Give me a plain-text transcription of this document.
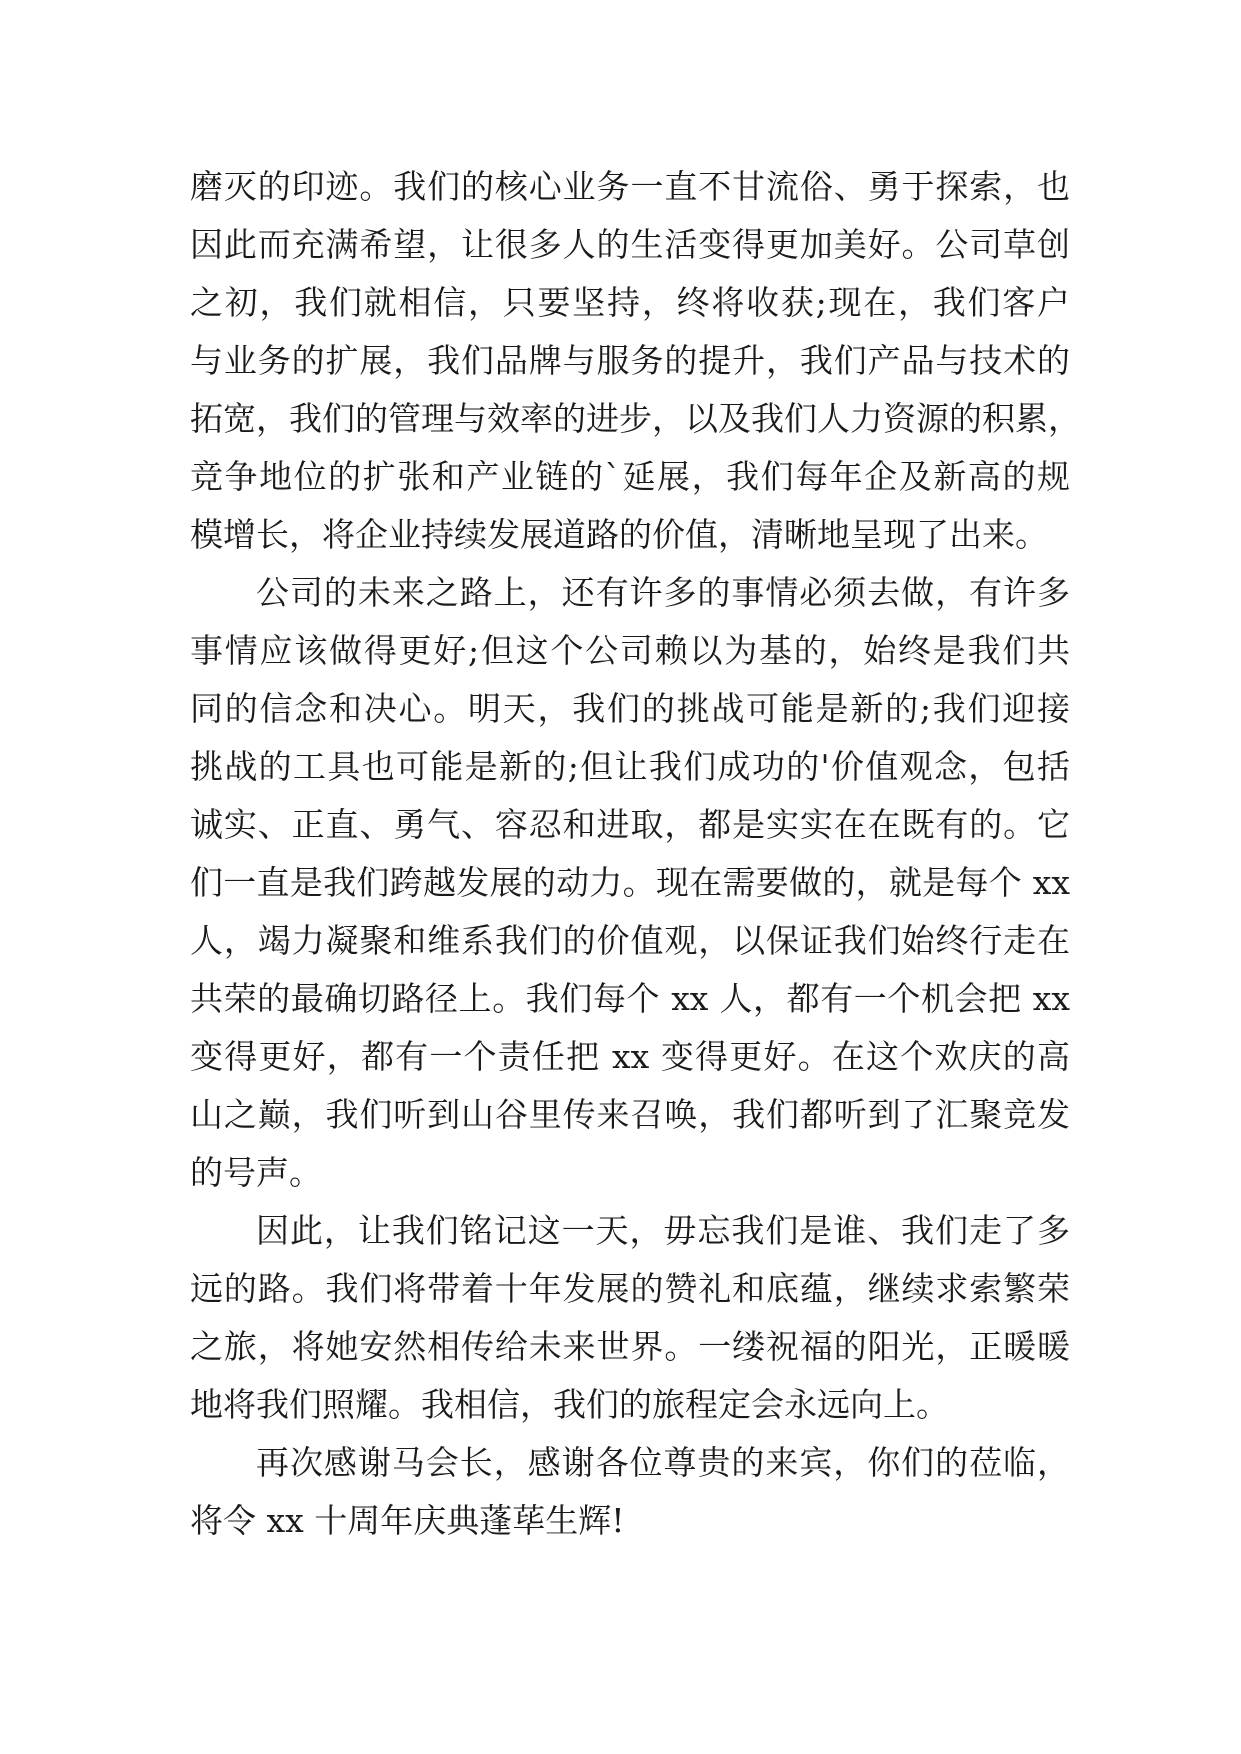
磨灭的印迹。我们的核心业务一直不甘流俗、勇于探索，也
因此而充满希望，让很多人的生活变得更加美好。公司草创
之初，我们就相信，只要坚持，终将收获;现在，我们客户
与业务的扩展，我们品牌与服务的提升，我们产品与技术的
拓宽，我们的管理与效率的进步，以及我们人力资源的积累，
竞争地位的扩张和产业链的`延展，我们每年企及新高的规
模增长，将企业持续发展道路的价值，清晰地呈现了出来。
公司的未来之路上，还有许多的事情必须去做，有许多
事情应该做得更好;但这个公司赖以为基的，始终是我们共
同的信念和决心。明天，我们的挑战可能是新的;我们迎接
挑战的工具也可能是新的;但让我们成功的'价值观念，包括
诚实、正直、勇气、容忍和进取，都是实实在在既有的。它
们一直是我们跨越发展的动力。现在需要做的，就是每个 xx
人，竭力凝聚和维系我们的价值观，以保证我们始终行走在
共荣的最确切路径上。我们每个 xx 人，都有一个机会把 xx
变得更好，都有一个责任把 xx 变得更好。在这个欢庆的高
山之巅，我们听到山谷里传来召唤，我们都听到了汇聚竞发
的号声。
因此，让我们铭记这一天，毋忘我们是谁、我们走了多
远的路。我们将带着十年发展的赞礼和底蕴，继续求索繁荣
之旅，将她安然相传给未来世界。一缕祝福的阳光，正暖暖
地将我们照耀。我相信，我们的旅程定会永远向上。
再次感谢马会长，感谢各位尊贵的来宾，你们的莅临，
将令 xx 十周年庆典蓬荜生辉!
